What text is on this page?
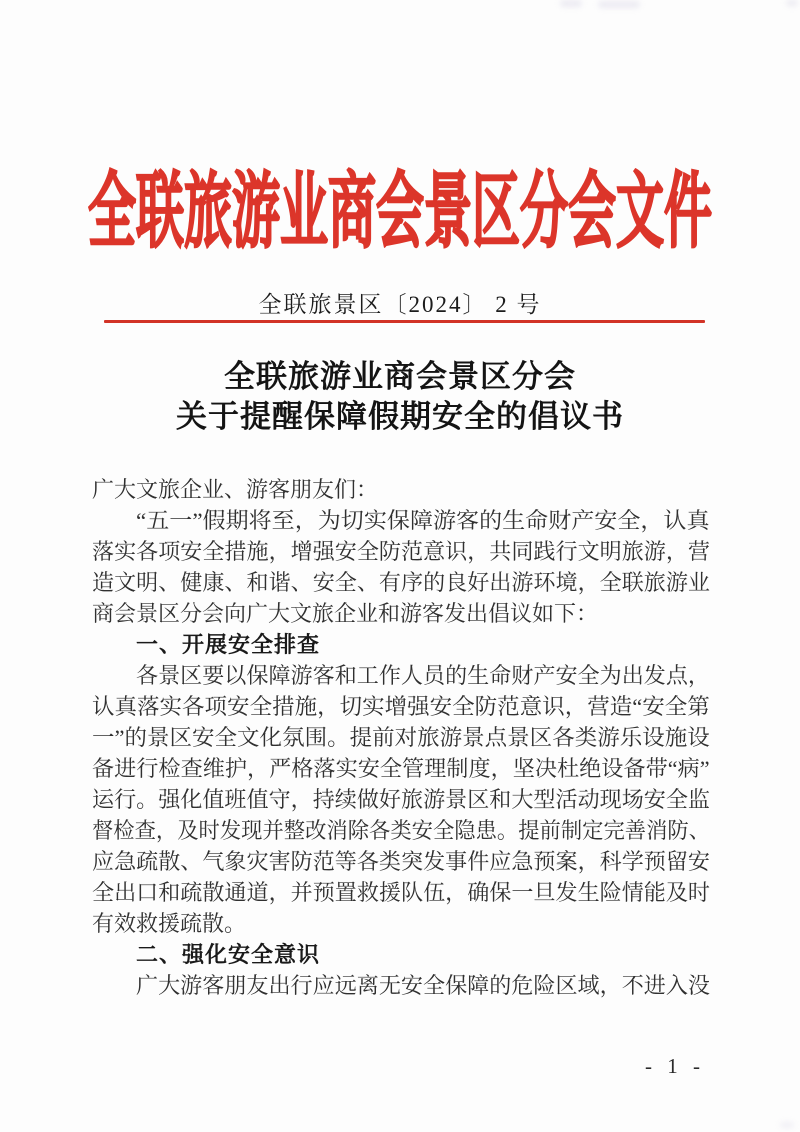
全联旅游业商会景区分会文件
全联旅景区〔2024〕 2 号
全联旅游业商会景区分会
关于提醒保障假期安全的倡议书
广大文旅企业、游客朋友们：
“五一”假期将至，为切实保障游客的生命财产安全，认真
落实各项安全措施，增强安全防范意识，共同践行文明旅游，营
造文明、健康、和谐、安全、有序的良好出游环境，全联旅游业
商会景区分会向广大文旅企业和游客发出倡议如下：
一、开展安全排查
各景区要以保障游客和工作人员的生命财产安全为出发点，
认真落实各项安全措施，切实增强安全防范意识，营造“安全第
一”的景区安全文化氛围。提前对旅游景点景区各类游乐设施设
备进行检查维护，严格落实安全管理制度，坚决杜绝设备带“病”
运行。强化值班值守，持续做好旅游景区和大型活动现场安全监
督检查，及时发现并整改消除各类安全隐患。提前制定完善消防、
应急疏散、气象灾害防范等各类突发事件应急预案，科学预留安
全出口和疏散通道，并预置救援队伍，确保一旦发生险情能及时
有效救援疏散。
二、强化安全意识
广大游客朋友出行应远离无安全保障的危险区域，不进入没
- 1 -
